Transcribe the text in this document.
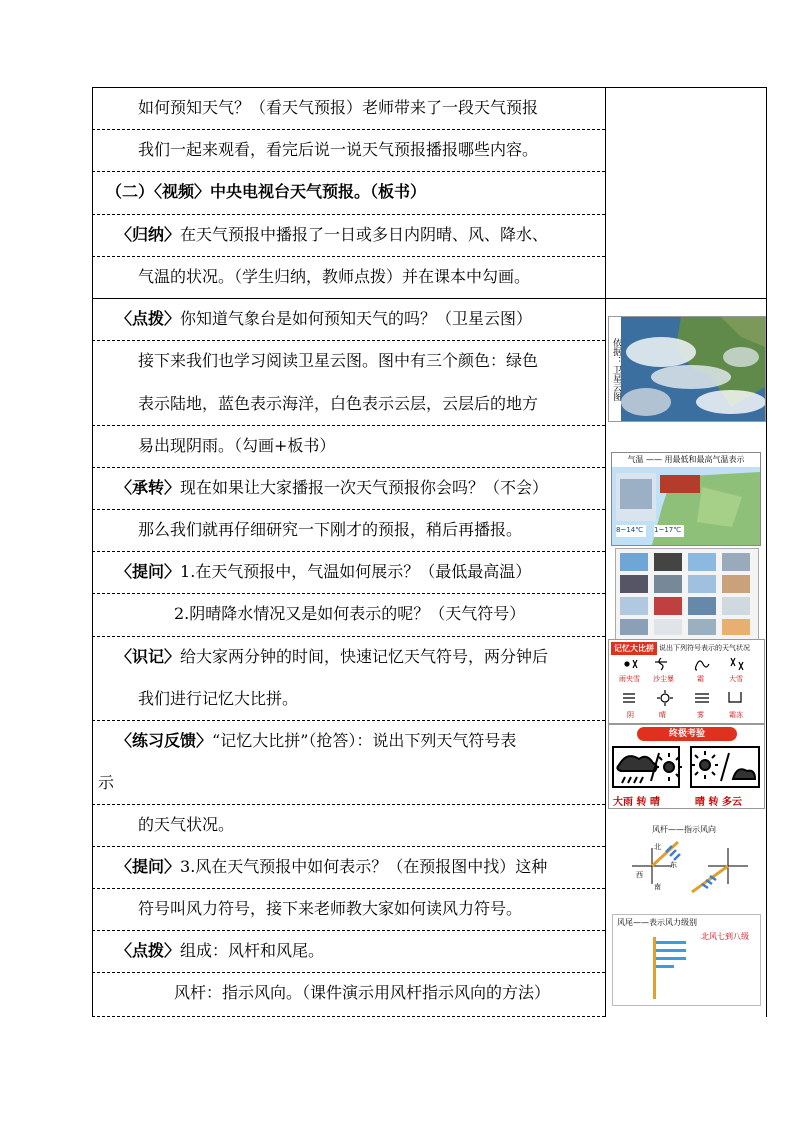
如何预知天气？（看天气预报）老师带来了一段天气预报
我们一起来观看，看完后说一说天气预报播报哪些内容。
（二）〈视频〉中央电视台天气预报。（板书）
〈归纳〉在天气预报中播报了一日或多日内阴晴、风、降水、
气温的状况。（学生归纳，教师点拨）并在课本中勾画。
〈点拨〉你知道气象台是如何预知天气的吗？（卫星云图）
接下来我们也学习阅读卫星云图。图中有三个颜色：绿色
表示陆地，蓝色表示海洋，白色表示云层，云层后的地方
易出现阴雨。（勾画+板书）
〈承转〉现在如果让大家播报一次天气预报你会吗？（不会）
那么我们就再仔细研究一下刚才的预报，稍后再播报。
〈提问〉1.在天气预报中，气温如何展示？（最低最高温）
2.阴晴降水情况又是如何表示的呢？（天气符号）
〈识记〉给大家两分钟的时间，快速记忆天气符号，两分钟后
我们进行记忆大比拼。
〈练习反馈〉“记忆大比拼”（抢答）：说出下列天气符号表
示
的天气状况。
〈提问〉3.风在天气预报中如何表示？（在预报图中找）这种
符号叫风力符号，接下来老师教大家如何读风力符号。
〈点拨〉组成：风杆和风尾。
风杆：指示风向。（课件演示用风杆指示风向的方法）
依据：卫星云图
气温 —— 用最低和最高气温表示
8~14℃ 1~17℃
记忆大比拼 说出下列符号表示的天气状况
雨夹雪 沙尘暴	霜	大雪
阴	晴	雾	霜冻
终极考验
大雨 转 晴	晴 转 多云
风杆——指示风向
北
东
西
南
风尾——表示风力级别
北风七到八级
